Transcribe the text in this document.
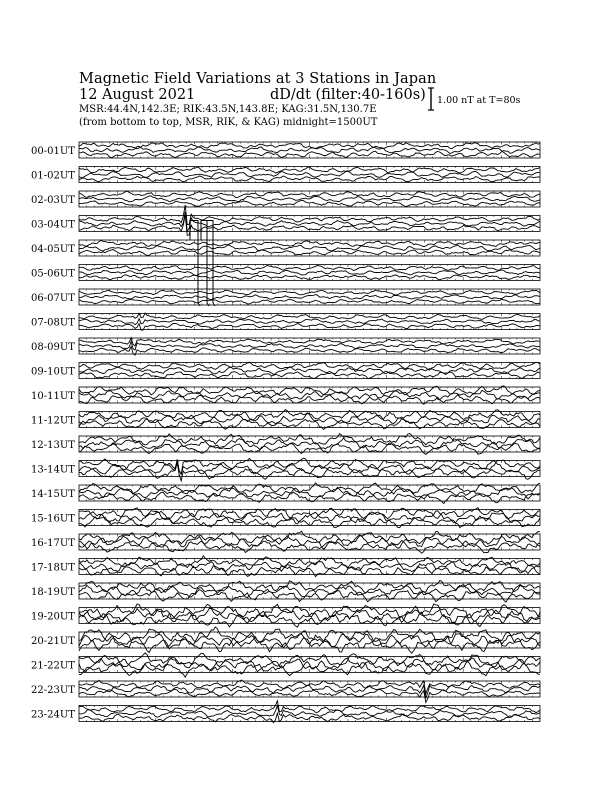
Magnetic Field Variations at 3 Stations in Japan
12 August 2021	dD/dt (filter:40-160s)
MSR:44.4N,142.3E; RIK:43.5N,143.8E; KAG:31.5N,130.7E
(from bottom to top, MSR, RIK, & KAG) midnight=1500UT
1.00 nT at T=80s
00-01UT
01-02UT
02-03UT
03-04UT
04-05UT
05-06UT
06-07UT
07-08UT
08-09UT
09-10UT
10-11UT
11-12UT
12-13UT
13-14UT
14-15UT
15-16UT
16-17UT
17-18UT
18-19UT
19-20UT
20-21UT
21-22UT
22-23UT
23-24UT
